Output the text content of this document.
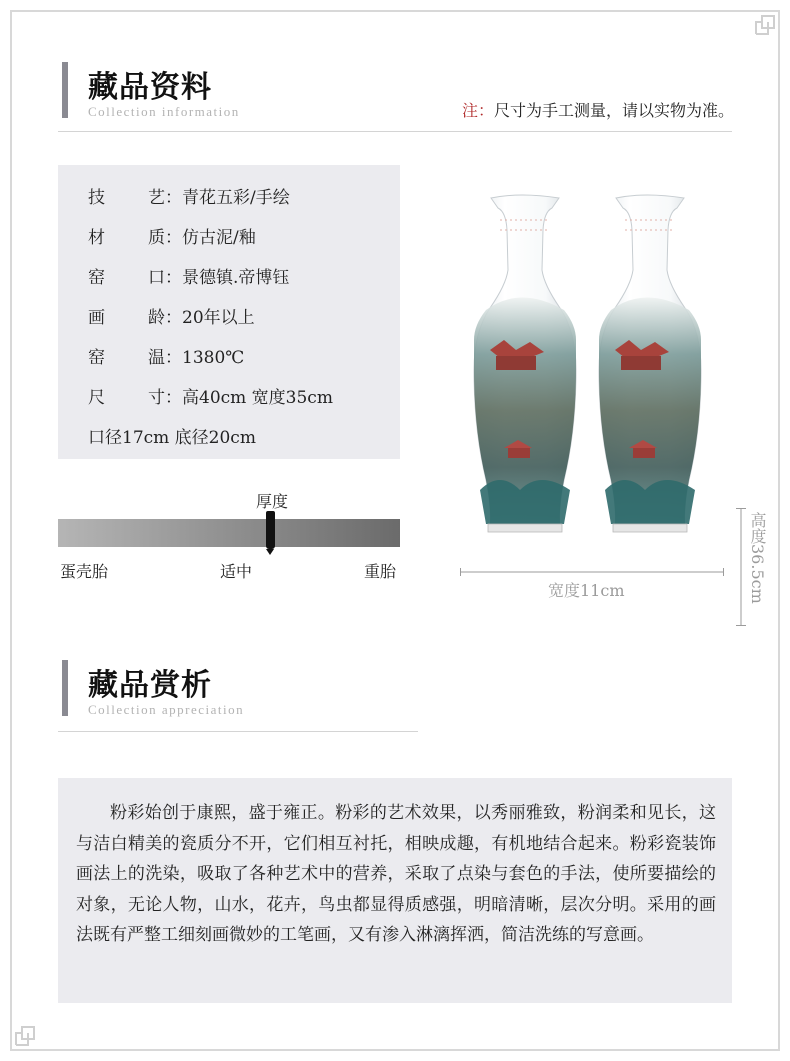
藏品资料
Collection information	注：尺寸为手工测量，请以实物为准。
技　　艺：青花五彩/手绘
材　　质：仿古泥/釉
窑　　口：景德镇.帝博钰
画　　龄：20年以上
窑　　温：1380℃
尺　　寸：高40cm 宽度35cm
口径17cm 底径20cm
厚度
蛋壳胎	适中	重胎
宽度11cm	高度36.5cm
藏品赏析
Collection appreciation
粉彩始创于康熙，盛于雍正。粉彩的艺术效果，以秀丽雅致，粉润柔和见长，这与洁白精美的瓷质分不开，它们相互衬托，相映成趣，有机地结合起来。粉彩瓷装饰画法上的洗染，吸取了各种艺术中的营养，采取了点染与套色的手法，使所要描绘的对象，无论人物，山水，花卉，鸟虫都显得质感强，明暗清晰，层次分明。采用的画法既有严整工细刻画微妙的工笔画，又有渗入淋漓挥洒，简洁洗练的写意画。
